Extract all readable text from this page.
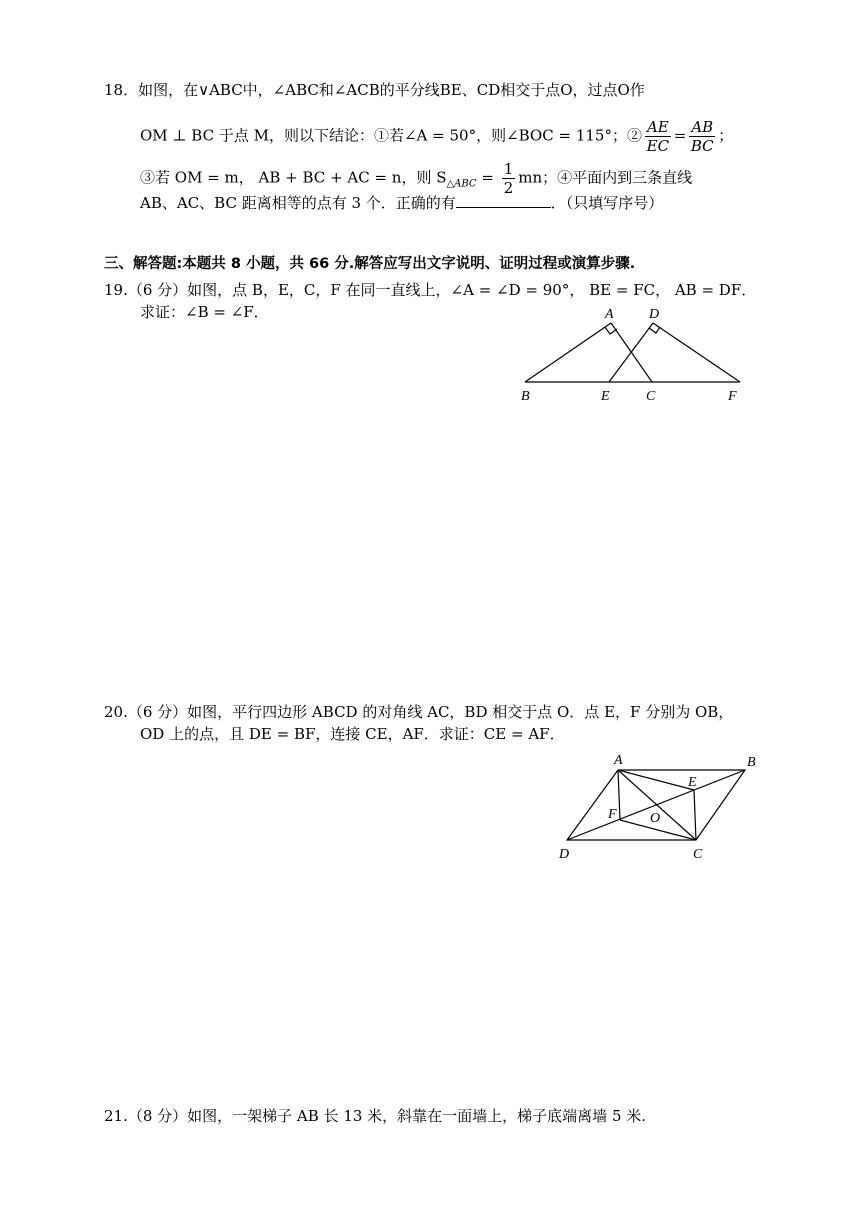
18．如图，在∨ABC中，∠ABC和∠ACB的平分线BE、CD相交于点O，过点O作
OM ⊥ BC 于点 M，则以下结论：①若∠A = 50°，则∠BOC = 115°；② $\frac{AE}{EC} = \frac{AB}{BC}$ ；
③若 OM = m， AB + BC + AC = n，则 $S_{\triangle ABC} = \frac{1}{2}$ mn；④平面内到三条直线
AB、AC、BC 距离相等的点有 3 个．正确的有	．（只填写序号）
三、解答题:本题共 8 小题，共 66 分.解答应写出文字说明、证明过程或演算步骤.
19.（6 分）如图，点 B，E，C，F 在同一直线上，∠A = ∠D = 90°， BE = FC， AB = DF．
求证：∠B = ∠F．	A	D
B	E	C	F
20.（6 分）如图，平行四边形 ABCD 的对角线 AC，BD 相交于点 O．点 E，F 分别为 OB，
OD 上的点，且 DE = BF，连接 CE，AF．求证：CE = AF．
A	B
C
D
E
F O
21.（8 分）如图，一架梯子 AB 长 13 米，斜靠在一面墙上，梯子底端离墙 5 米.
